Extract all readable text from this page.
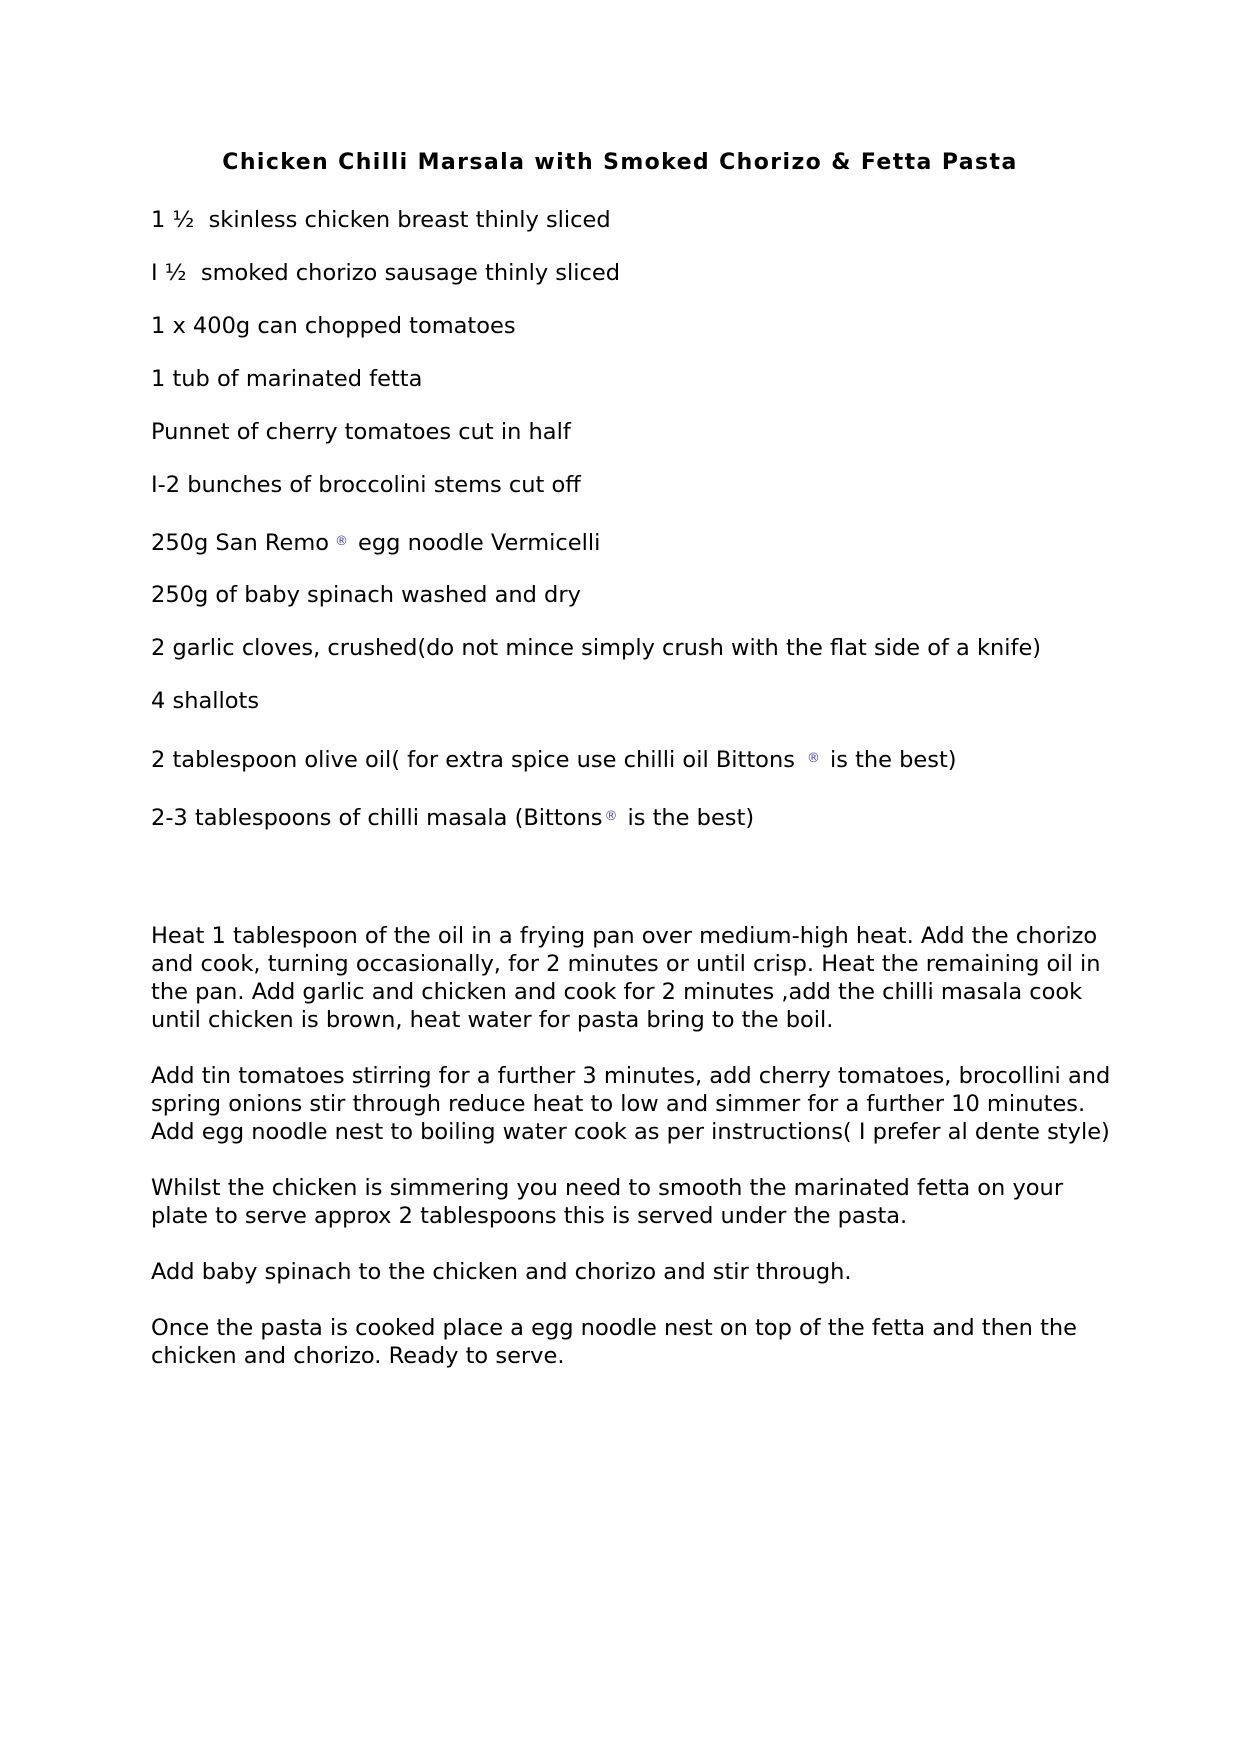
Chicken Chilli Marsala with Smoked Chorizo & Fetta Pasta
1 ½  skinless chicken breast thinly sliced
I ½  smoked chorizo sausage thinly sliced
1 x 400g can chopped tomatoes
1 tub of marinated fetta
Punnet of cherry tomatoes cut in half
I-2 bunches of broccolini stems cut off
250g San Remo ® egg noodle Vermicelli
250g of baby spinach washed and dry
2 garlic cloves, crushed(do not mince simply crush with the flat side of a knife)
4 shallots
2 tablespoon olive oil( for extra spice use chilli oil Bittons ® is the best)
2-3 tablespoons of chilli masala (Bittons ® is the best)

Heat 1 tablespoon of the oil in a frying pan over medium-high heat. Add the chorizo and cook, turning occasionally, for 2 minutes or until crisp. Heat the remaining oil in the pan. Add garlic and chicken and cook for 2 minutes ,add the chilli masala cook until chicken is brown, heat water for pasta bring to the boil.

Add tin tomatoes stirring for a further 3 minutes, add cherry tomatoes, brocollini and spring onions stir through reduce heat to low and simmer for a further 10 minutes. Add egg noodle nest to boiling water cook as per instructions( I prefer al dente style)

Whilst the chicken is simmering you need to smooth the marinated fetta on your plate to serve approx 2 tablespoons this is served under the pasta.

Add baby spinach to the chicken and chorizo and stir through.

Once the pasta is cooked place a egg noodle nest on top of the fetta and then the chicken and chorizo. Ready to serve.
